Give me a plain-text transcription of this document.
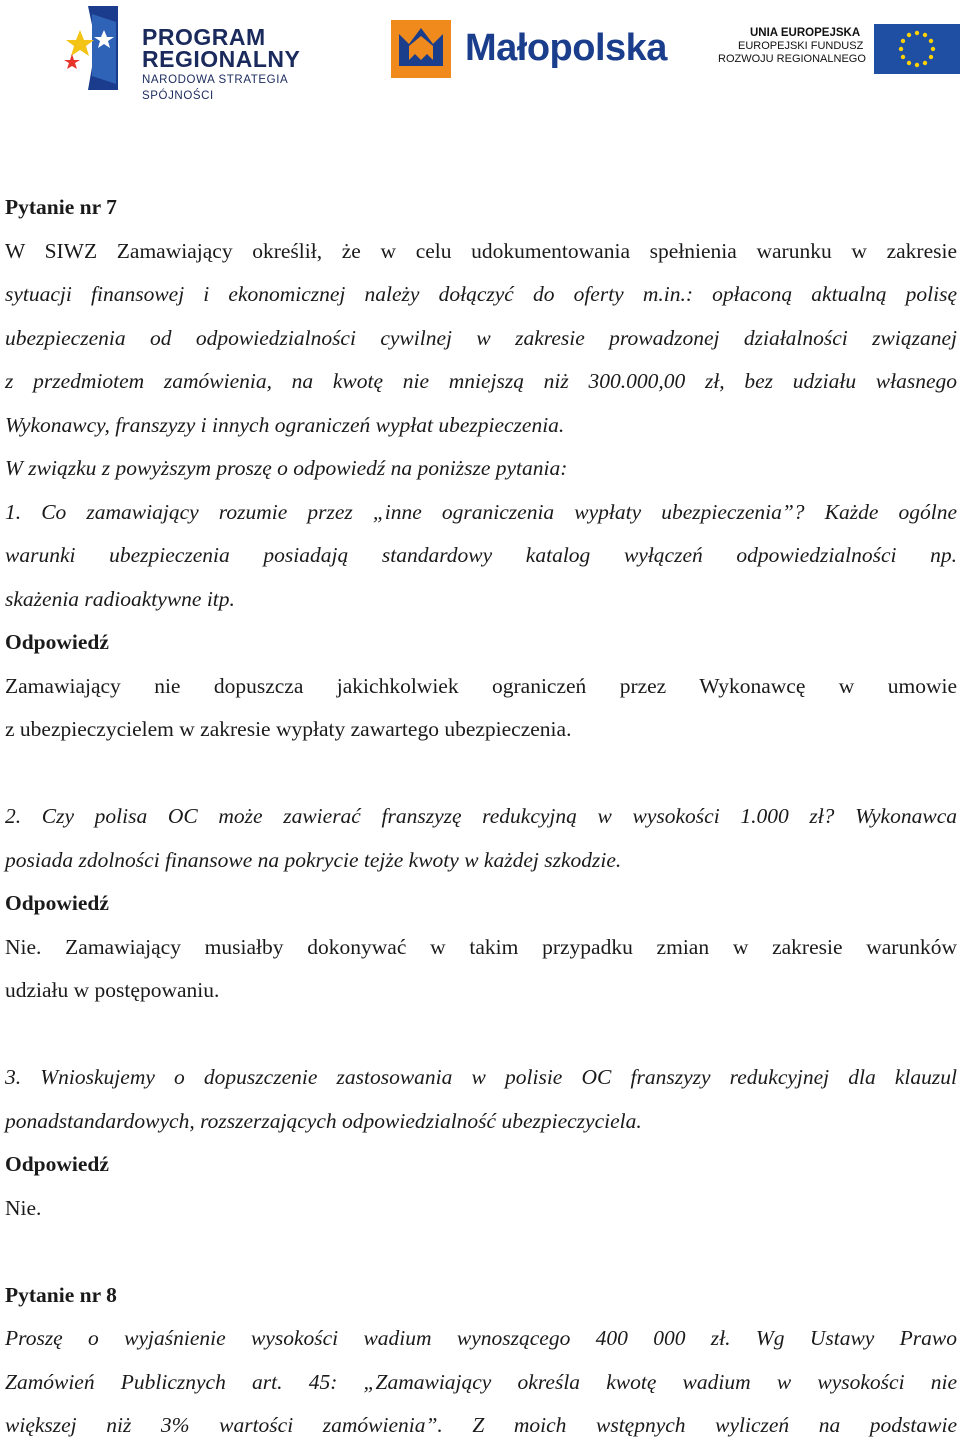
PROGRAM
REGIONALNY
NARODOWA STRATEGIA SPÓJNOŚCI
Małopolska	UNIA EUROPEJSKA
EUROPEJSKI FUNDUSZ
ROZWOJU REGIONALNEGO

Pytanie nr 7

W SIWZ Zamawiający określił, że w celu udokumentowania spełnienia warunku w zakresie

sytuacji finansowej i ekonomicznej należy dołączyć do oferty m.in.: opłaconą aktualną polisę

ubezpieczenia od odpowiedzialności cywilnej w zakresie prowadzonej działalności związanej

z przedmiotem zamówienia, na kwotę nie mniejszą niż 300.000,00 zł, bez udziału własnego

Wykonawcy, franszyzy i innych ograniczeń wypłat ubezpieczenia.

W związku z powyższym proszę o odpowiedź na poniższe pytania:

1. Co zamawiający rozumie przez „inne ograniczenia wypłaty ubezpieczenia”? Każde ogólne

warunki ubezpieczenia posiadają standardowy katalog wyłączeń odpowiedzialności np.

skażenia radioaktywne itp.

Odpowiedź

Zamawiający nie dopuszcza jakichkolwiek ograniczeń przez Wykonawcę w umowie

z ubezpieczycielem w zakresie wypłaty zawartego ubezpieczenia.

2. Czy polisa OC może zawierać franszyzę redukcyjną w wysokości 1.000 zł? Wykonawca

posiada zdolności finansowe na pokrycie tejże kwoty w każdej szkodzie.

Odpowiedź

Nie. Zamawiający musiałby dokonywać w takim przypadku zmian w zakresie warunków

udziału w postępowaniu.

3. Wnioskujemy o dopuszczenie zastosowania w polisie OC franszyzy redukcyjnej dla klauzul

ponadstandardowych, rozszerzających odpowiedzialność ubezpieczyciela.

Odpowiedź

Nie.

Pytanie nr 8

Proszę o wyjaśnienie wysokości wadium wynoszącego 400 000 zł. Wg Ustawy Prawo

Zamówień Publicznych art. 45: „Zamawiający określa kwotę wadium w wysokości nie

większej niż 3% wartości zamówienia”. Z moich wstępnych wyliczeń na podstawie
